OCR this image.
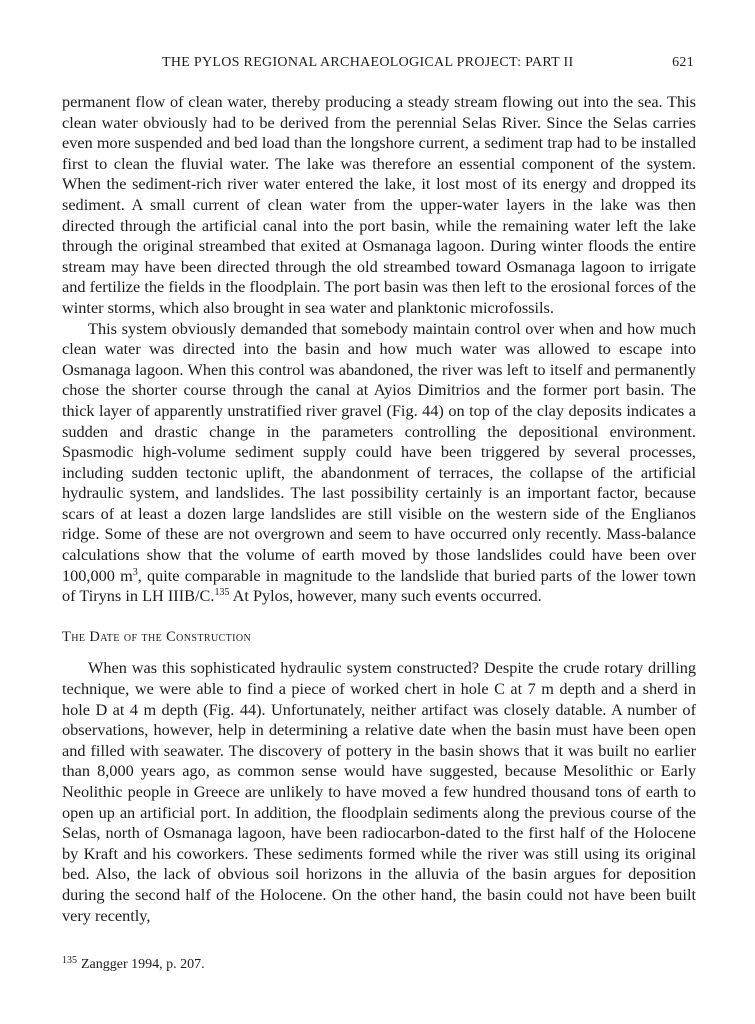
THE PYLOS REGIONAL ARCHAEOLOGICAL PROJECT: PART II	621

permanent flow of clean water, thereby producing a steady stream flowing out into the sea. This clean water obviously had to be derived from the perennial Selas River. Since the Selas carries even more suspended and bed load than the longshore current, a sediment trap had to be installed first to clean the fluvial water. The lake was therefore an essential component of the system. When the sediment-rich river water entered the lake, it lost most of its energy and dropped its sediment. A small current of clean water from the upper-water layers in the lake was then directed through the artificial canal into the port basin, while the remaining water left the lake through the original streambed that exited at Osmanaga lagoon. During winter floods the entire stream may have been directed through the old streambed toward Osmanaga lagoon to irrigate and fertilize the fields in the floodplain. The port basin was then left to the erosional forces of the winter storms, which also brought in sea water and planktonic microfossils.

This system obviously demanded that somebody maintain control over when and how much clean water was directed into the basin and how much water was allowed to escape into Osmanaga lagoon. When this control was abandoned, the river was left to itself and permanently chose the shorter course through the canal at Ayios Dimitrios and the former port basin. The thick layer of apparently unstratified river gravel (Fig. 44) on top of the clay deposits indicates a sudden and drastic change in the parameters controlling the depositional environment. Spasmodic high-volume sediment supply could have been triggered by several processes, including sudden tectonic uplift, the abandonment of terraces, the collapse of the artificial hydraulic system, and landslides. The last possibility certainly is an important factor, because scars of at least a dozen large landslides are still visible on the western side of the Englianos ridge. Some of these are not overgrown and seem to have occurred only recently. Mass-balance calculations show that the volume of earth moved by those landslides could have been over 100,000 $m^3$, quite comparable in magnitude to the landslide that buried parts of the lower town of Tiryns in LH IIIB/C.$^{135}$ At Pylos, however, many such events occurred.

The Date of the Construction

When was this sophisticated hydraulic system constructed? Despite the crude rotary drilling technique, we were able to find a piece of worked chert in hole C at 7 m depth and a sherd in hole D at 4 m depth (Fig. 44). Unfortunately, neither artifact was closely datable. A number of observations, however, help in determining a relative date when the basin must have been open and filled with seawater. The discovery of pottery in the basin shows that it was built no earlier than 8,000 years ago, as common sense would have suggested, because Mesolithic or Early Neolithic people in Greece are unlikely to have moved a few hundred thousand tons of earth to open up an artificial port. In addition, the floodplain sediments along the previous course of the Selas, north of Osmanaga lagoon, have been radiocarbon-dated to the first half of the Holocene by Kraft and his coworkers. These sediments formed while the river was still using its original bed. Also, the lack of obvious soil horizons in the alluvia of the basin argues for deposition during the second half of the Holocene. On the other hand, the basin could not have been built very recently,

$^{135}$ Zangger 1994, p. 207.
